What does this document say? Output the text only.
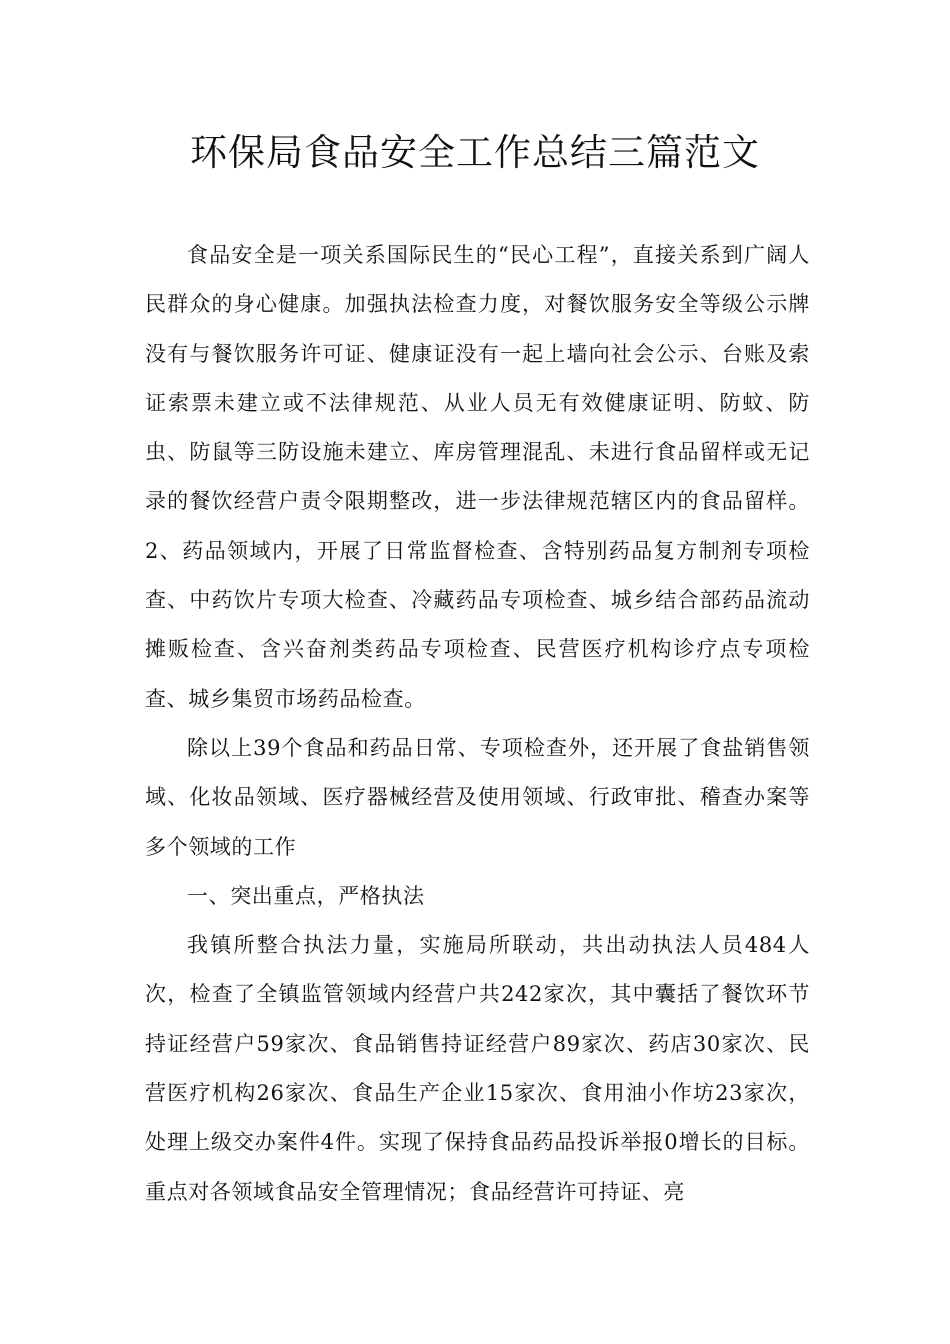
环保局食品安全工作总结三篇范文

食品安全是一项关系国际民生的“民心工程”，直接关系到广阔人民群众的身心健康。加强执法检查力度，对餐饮服务安全等级公示牌没有与餐饮服务许可证、健康证没有一起上墙向社会公示、台账及索证索票未建立或不法律规范、从业人员无有效健康证明、防蚊、防虫、防鼠等三防设施未建立、库房管理混乱、未进行食品留样或无记录的餐饮经营户责令限期整改，进一步法律规范辖区内的食品留样。2、药品领域内，开展了日常监督检查、含特别药品复方制剂专项检查、中药饮片专项大检查、冷藏药品专项检查、城乡结合部药品流动摊贩检查、含兴奋剂类药品专项检查、民营医疗机构诊疗点专项检查、城乡集贸市场药品检查。

除以上39个食品和药品日常、专项检查外，还开展了食盐销售领域、化妆品领域、医疗器械经营及使用领域、行政审批、稽查办案等多个领域的工作

一、突出重点，严格执法

我镇所整合执法力量，实施局所联动，共出动执法人员484人次，检查了全镇监管领域内经营户共242家次，其中囊括了餐饮环节持证经营户59家次、食品销售持证经营户89家次、药店30家次、民营医疗机构26家次、食品生产企业15家次、食用油小作坊23家次，处理上级交办案件4件。实现了保持食品药品投诉举报0增长的目标。重点对各领域食品安全管理情况；食品经营许可持证、亮
